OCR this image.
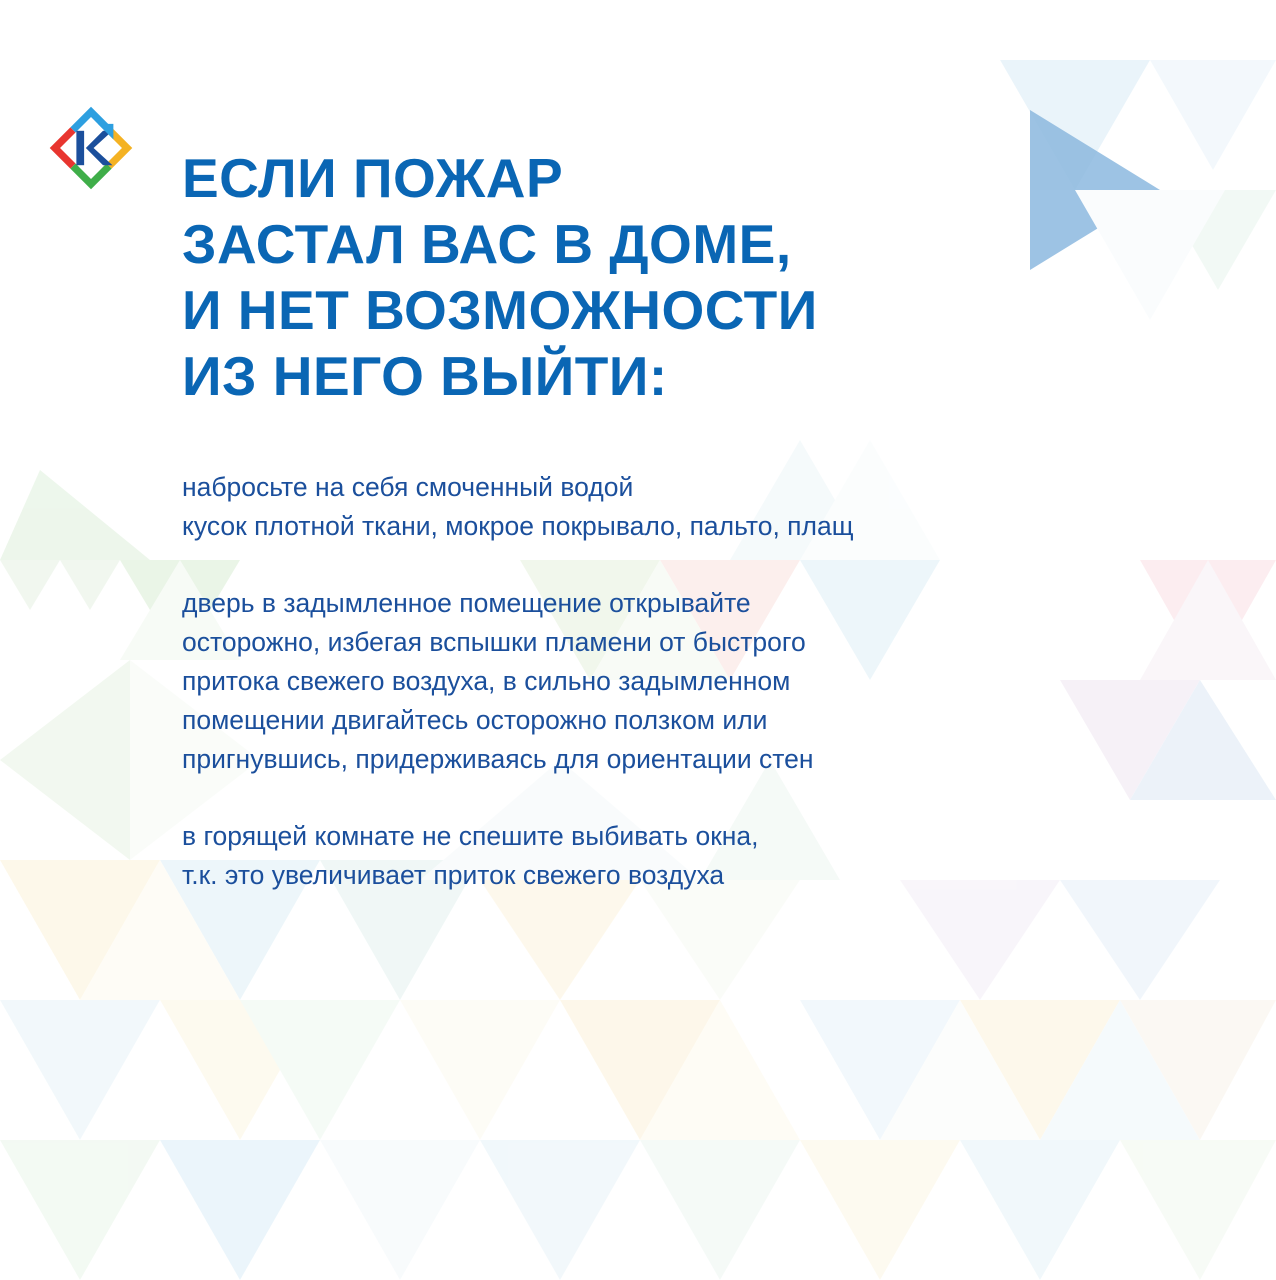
ЕСЛИ ПОЖАР
ЗАСТАЛ ВАС В ДОМЕ,
И НЕТ ВОЗМОЖНОСТИ
ИЗ НЕГО ВЫЙТИ:

набросьте на себя смоченный водой
кусок плотной ткани, мокрое покрывало, пальто, плащ

дверь в задымленное помещение открывайте
осторожно, избегая вспышки пламени от быстрого
притока свежего воздуха, в сильно задымленном
помещении двигайтесь осторожно ползком или
пригнувшись, придерживаясь для ориентации стен

в горящей комнате не спешите выбивать окна,
т.к. это увеличивает приток свежего воздуха
